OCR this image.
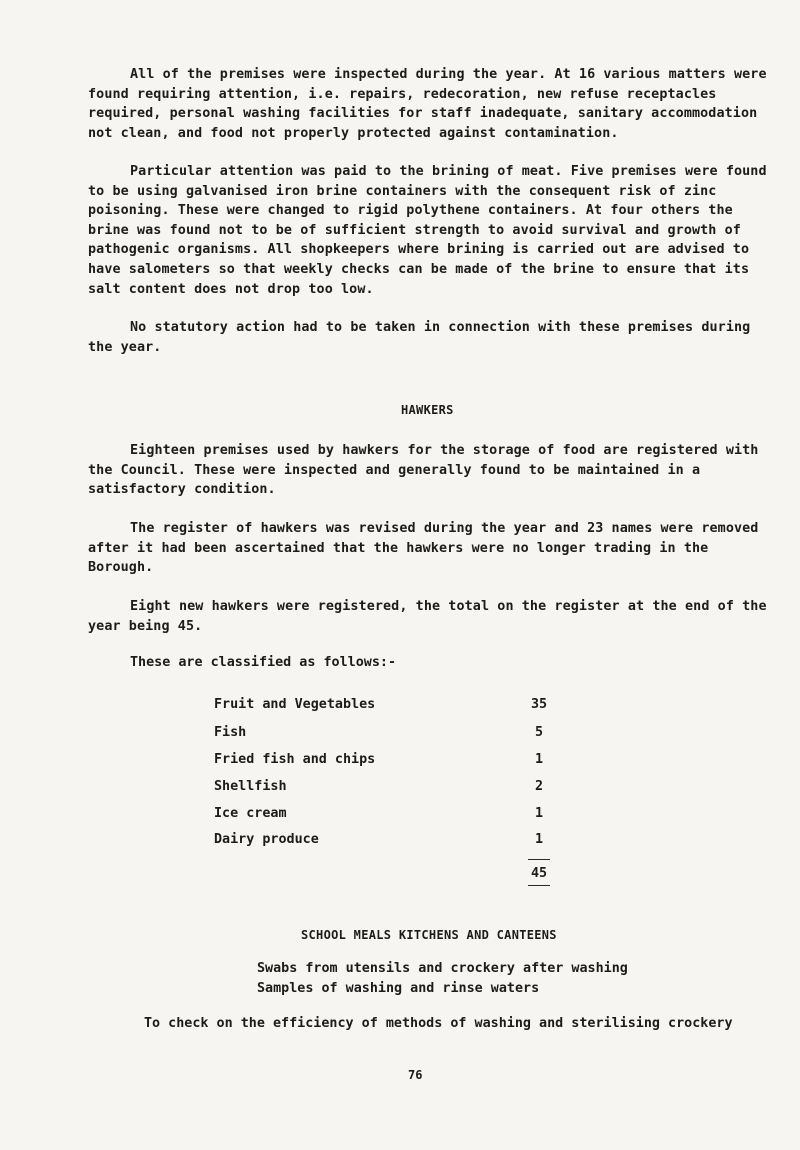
All of the premises were inspected during the year. At 16 various matters were found requiring attention, i.e. repairs, redecoration, new refuse receptacles required, personal washing facilities for staff inadequate, sanitary accommodation not clean, and food not properly protected against contamination.

Particular attention was paid to the brining of meat. Five premises were found to be using galvanised iron brine containers with the consequent risk of zinc poisoning. These were changed to rigid polythene containers. At four others the brine was found not to be of sufficient strength to avoid survival and growth of pathogenic organisms. All shopkeepers where brining is carried out are advised to have salometers so that weekly checks can be made of the brine to ensure that its salt content does not drop too low.

No statutory action had to be taken in connection with these premises during the year.

HAWKERS

Eighteen premises used by hawkers for the storage of food are registered with the Council. These were inspected and generally found to be maintained in a satisfactory condition.

The register of hawkers was revised during the year and 23 names were removed after it had been ascertained that the hawkers were no longer trading in the Borough.

Eight new hawkers were registered, the total on the register at the end of the year being 45.

These are classified as follows:-
Fruit and Vegetables	35
Fish	5
Fried fish and chips	1
Shellfish	2
Ice cream	1
Dairy produce	1
45
SCHOOL MEALS KITCHENS AND CANTEENS
Swabs from utensils and crockery after washing
Samples of washing and rinse waters
To check on the efficiency of methods of washing and sterilising crockery
76
